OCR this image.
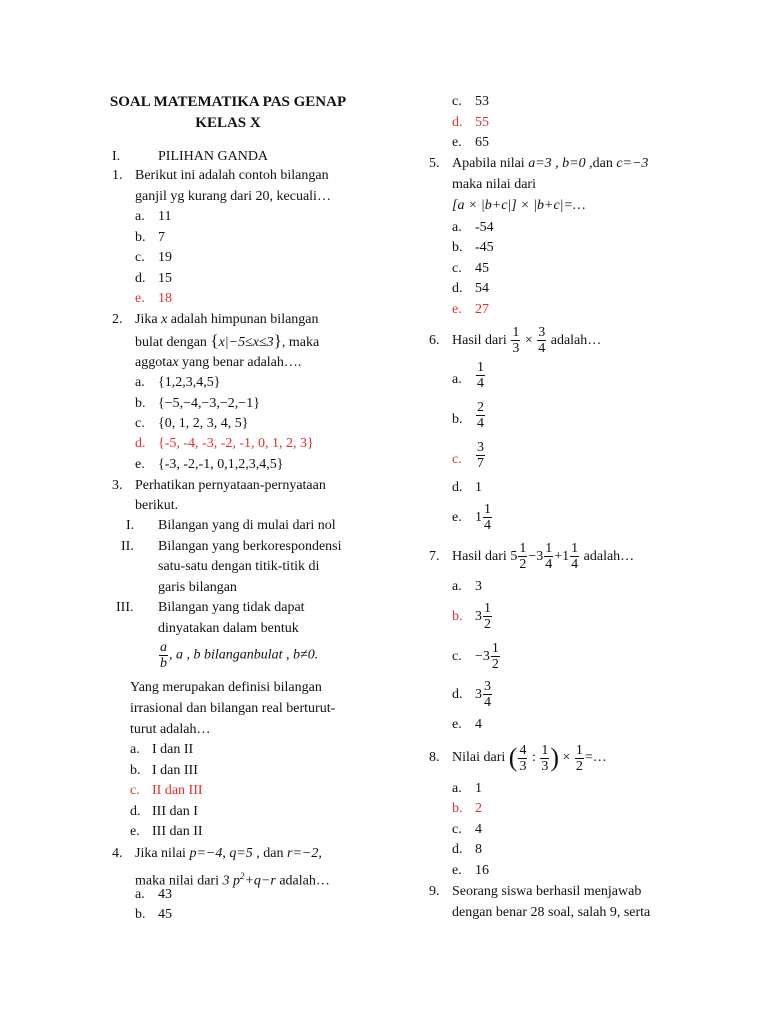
SOAL MATEMATIKA PAS GENAP
KELAS X
I.	PILIHAN GANDA
1. Berikut ini adalah contoh bilangan
ganjil yg kurang dari 20, kecuali…
a. 11
b. 7
c. 19
d. 15
e. 18
2. Jika x adalah himpunan bilangan
bulat dengan {x|−5≤x≤3}, maka
aggotax yang benar adalah….
a. {1,2,3,4,5}
b. {−5,−4,−3,−2,−1}
c. {0, 1, 2, 3, 4, 5}
d. {-5, -4, -3, -2, -1, 0, 1, 2, 3}
e. {-3, -2,-1, 0,1,2,3,4,5}
3. Perhatikan pernyataan-pernyataan
berikut.
I. Bilangan yang di mulai dari nol
II. Bilangan yang berkorespondensi
satu-satu dengan titik-titik di
garis bilangan
III. Bilangan yang tidak dapat
dinyatakan dalam bentuk
$\frac{a}{b}$ , a , b bilanganbulat , b≠0.
Yang merupakan definisi bilangan
irrasional dan bilangan real berturut-
turut adalah…
a. I dan II
b. I dan III
c. II dan III
d. III dan I
e. III dan II
4. Jika nilai p=−4, q=5 , dan r=−2,
maka nilai dari 3 $p^2+q-r$ adalah…
a. 43
b. 45
c. 53
d. 55
e. 65
5. Apabila nilai a=3 , b=0 ,dan c=−3
maka nilai dari
[a × |b+c|] × |b+c|=…
a. -54
b. -45
c. 45
d. 54
e. 27
6. Hasil dari $\frac{1}{3} \times \frac{3}{4}$ adalah…
a. $\frac{1}{4}$
b. $\frac{2}{4}$
c. $\frac{3}{7}$
d. 1
e. $1 \frac{1}{4}$
7. Hasil dari $5 \frac{1}{2} -3 \frac{1}{4} +1 \frac{1}{4}$ adalah…
a. 3
b. $3 \frac{1}{2}$
c. $-3 \frac{1}{2}$
d. $3 \frac{3}{4}$
e. 4
8. Nilai dari ( $\frac{4}{3}$ : $\frac{1}{3}$ ) × $\frac{1}{2}$ =…
a. 1
b. 2
c. 4
d. 8
e. 16
9. Seorang siswa berhasil menjawab
dengan benar 28 soal, salah 9, serta
